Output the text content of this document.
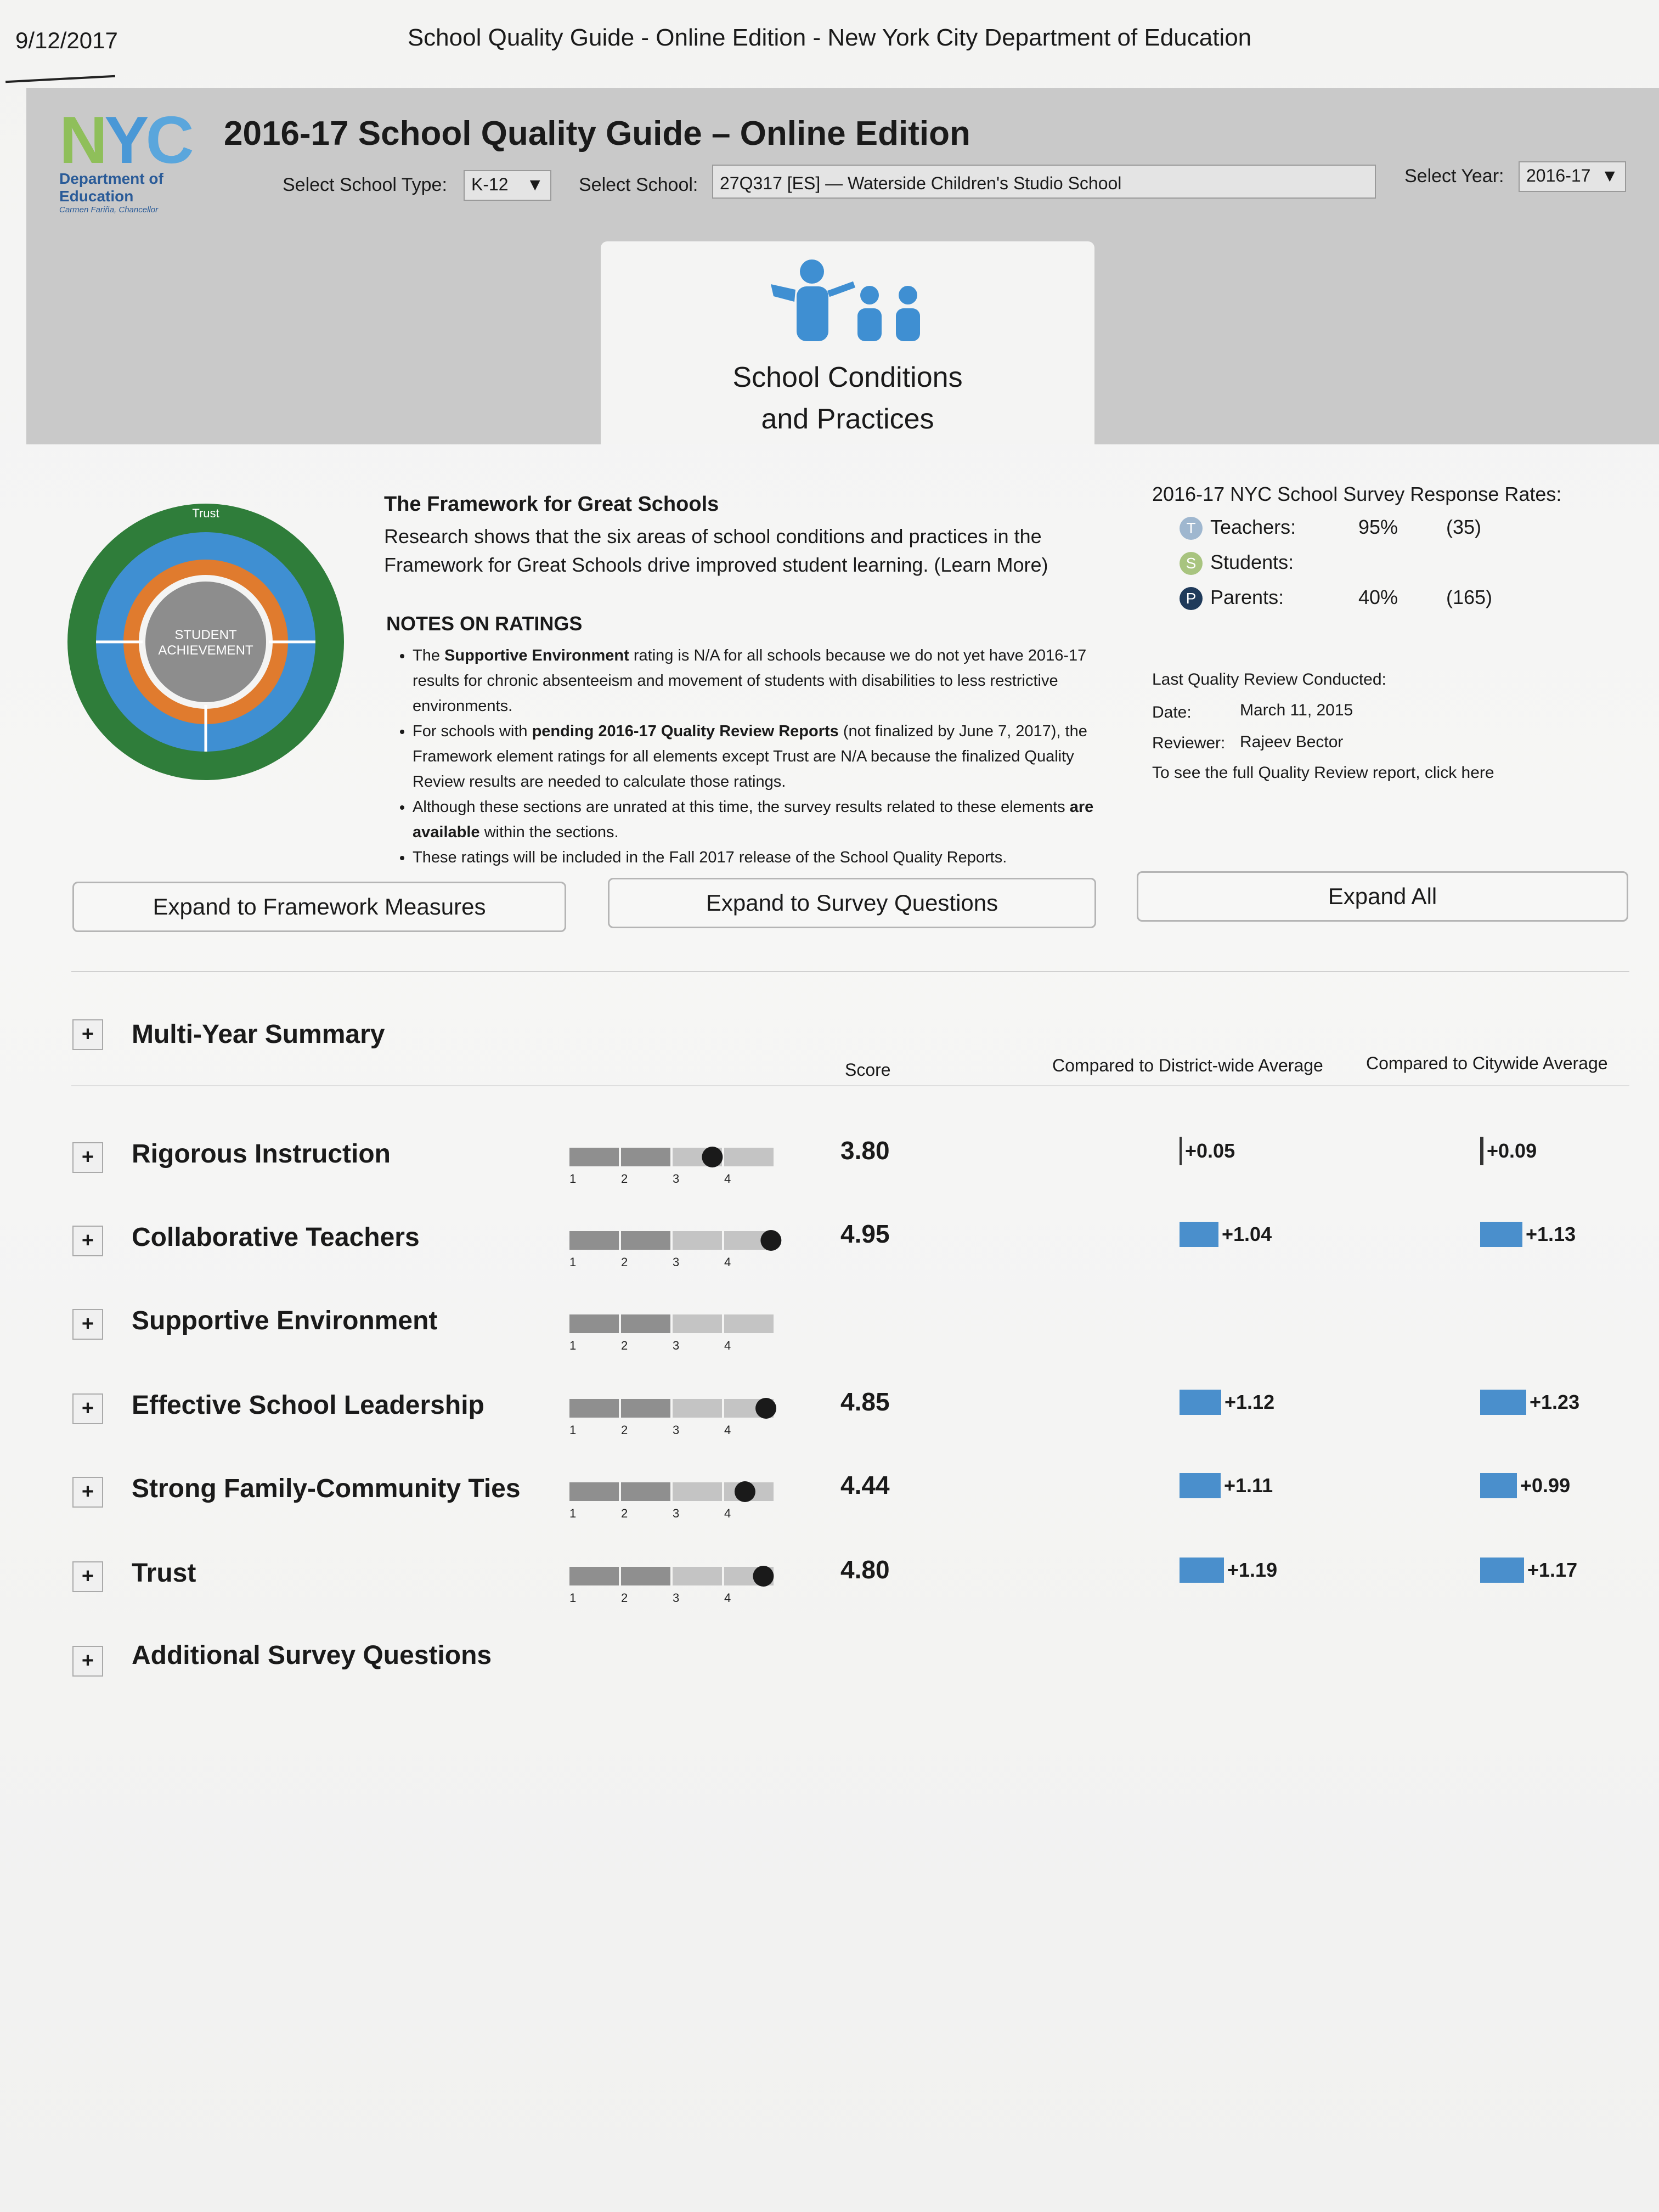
9/12/2017	School Quality Guide - Online Edition - New York City Department of Education
NYC
Department of Education
Carmen Fariña, Chancellor
2016-17 School Quality Guide – Online Edition
Select School Type:	K-12 ▼ Select School:	27Q317 [ES] — Waterside Children's Studio School	Select Year:	2016-17 ▼
School Conditions
and Practices
Trust
STUDENT
ACHIEVEMENT
The Framework for Great Schools
Research shows that the six areas of school conditions and practices in the Framework for Great Schools drive improved student learning. (Learn More)
NOTES ON RATINGS
• The Supportive Environment rating is N/A for all schools because we do not yet have 2016-17 results for chronic absenteeism and movement of students with disabilities to less restrictive environments.
• For schools with pending 2016-17 Quality Review Reports (not finalized by June 7, 2017), the Framework element ratings for all elements except Trust are N/A because the finalized Quality Review results are needed to calculate those ratings.
• Although these sections are unrated at this time, the survey results related to these elements are available within the sections.
• These ratings will be included in the Fall 2017 release of the School Quality Reports.
2016-17 NYC School Survey Response Rates:
T Teachers:	95% (35)
S Students:
P Parents:	40% (165)
Last Quality Review Conducted:
Date:	March 11, 2015
Reviewer: Rajeev Bector
To see the full Quality Review report, click here
Expand to Framework Measures	Expand to Survey Questions	Expand All
+	Multi-Year Summary
Score	Compared to District-wide Average Compared to Citywide Average
+	Rigorous Instruction
1	2	3	4
3.80	+0.05	+0.09
+	Collaborative Teachers
1	2	3	4
4.95	+1.04	+1.13
+	Supportive Environment
1	2	3	4
+	Effective School Leadership
1	2	3	4
4.85	+1.12	+1.23
+	Strong Family-Community Ties
1	2	3	4
4.44	+1.11	+0.99
+	Trust
1	2	3	4
4.80	+1.19	+1.17
+	Additional Survey Questions
